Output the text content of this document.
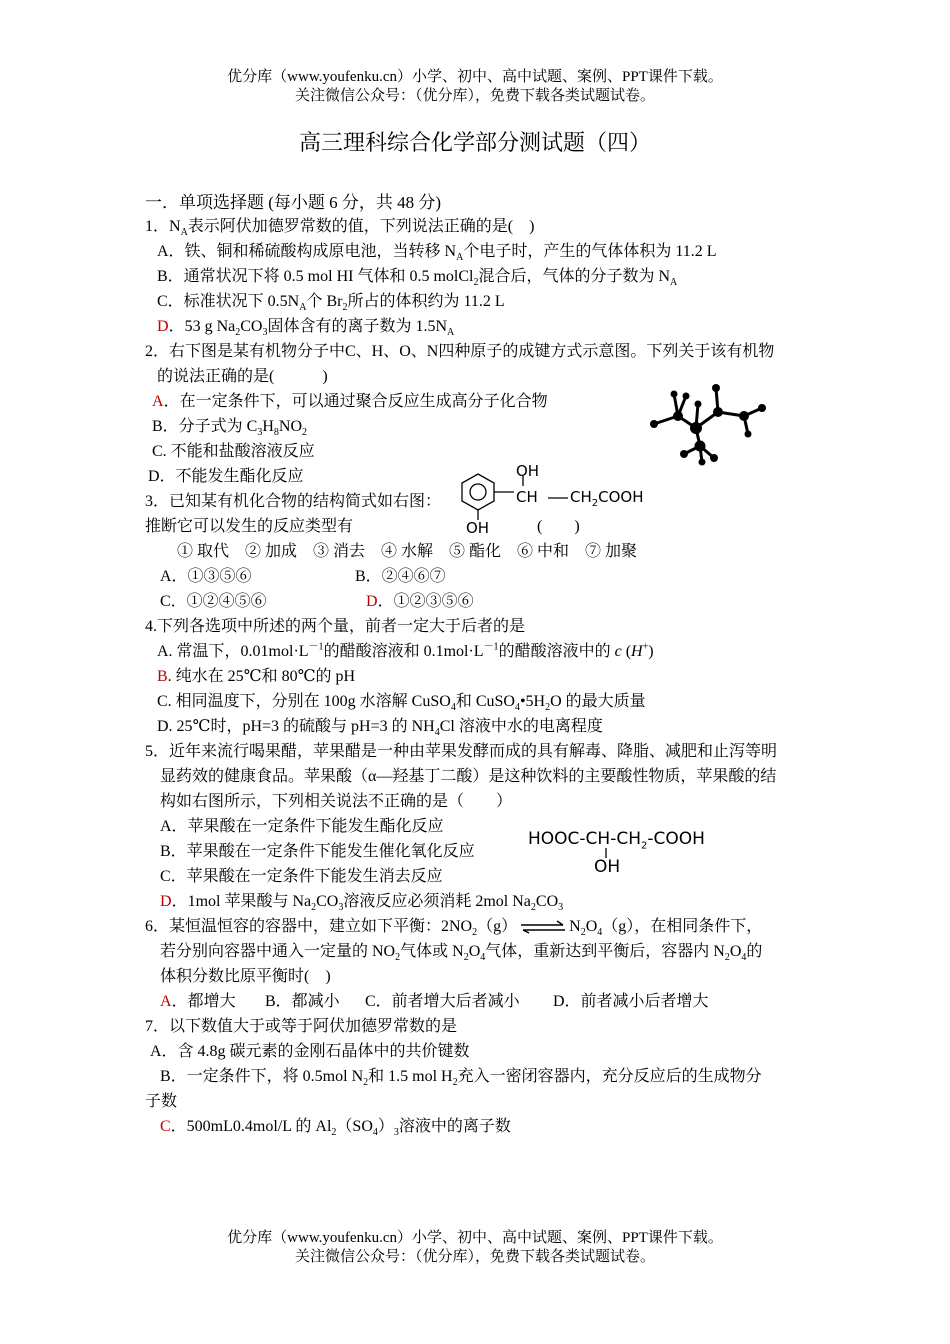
优分库（www.youfenku.cn）小学、初中、高中试题、案例、PPT课件下载。
关注微信公众号：（优分库），免费下载各类试题试卷。
高三理科综合化学部分测试题（四）
一．单项选择题 (每小题 6 分，共 48 分)
1．$N_A$表示阿伏加德罗常数的值，下列说法正确的是(　)
A．铁、铜和稀硫酸构成原电池，当转移 $N_A$个电子时，产生的气体体积为 11.2 L
B．通常状况下将 0.5 mol HI 气体和 0.5 molCl$_2$混合后，气体的分子数为 $N_A$
C．标准状况下 $0.5N_A$个 $Br_2$所占的体积约为 11.2 L
D．53 g $Na_2CO_3$固体含有的离子数为 $1.5N_A$
2．右下图是某有机物分子中C、H、O、N四种原子的成键方式示意图。下列关于该有机物
的说法正确的是(　　　)
A．在一定条件下，可以通过聚合反应生成高分子化合物
B．分子式为 $C_3H_8NO_2$
C. 不能和盐酸溶液反应
D．不能发生酯化反应
3．已知某有机化合物的结构简式如右图：
推断它可以发生的反应类型有	(　　)
OH
CH $CH_2COOH$
OH
① 取代　② 加成　③ 消去　④ 水解　⑤ 酯化　⑥ 中和　⑦ 加聚
A．①③⑤⑥	B．②④⑥⑦
C．①②④⑤⑥	D．①②③⑤⑥
4.下列各选项中所述的两个量，前者一定大于后者的是
A. 常温下，$0.01mol\cdot L^{-1}$的醋酸溶液和 $0.1mol\cdot L^{-1}$的醋酸溶液中的 c (H+)
B. 纯水在 25℃和 80℃的 pH
C. 相同温度下，分别在 100g 水溶解 CuSO$_4$和 $CuSO_4•5H_2O$ 的最大质量
D. 25℃时，pH=3 的硫酸与 pH=3 的 $NH_4Cl$ 溶液中水的电离程度
5．近年来流行喝果醋，苹果醋是一种由苹果发酵而成的具有解毒、降脂、减肥和止泻等明
显药效的健康食品。苹果酸（α—羟基丁二酸）是这种饮料的主要酸性物质，苹果酸的结
构如右图所示，下列相关说法不正确的是（　　）
A．苹果酸在一定条件下能发生酯化反应
B．苹果酸在一定条件下能发生催化氧化反应
C．苹果酸在一定条件下能发生消去反应
D．1mol 苹果酸与 $Na_2CO_3$溶液反应必须消耗 2mol $Na_2CO_3$
HOOC-$CH-CH_2$-COOH
OH
6．某恒温恒容的容器中，建立如下平衡：$2NO_2(g)$ ⇌ $N_2O_4(g)$，在相同条件下，
若分别向容器中通入一定量的 $NO_2$气体或 $N_2O_4$气体，重新达到平衡后，容器内 $N_2O_4$的
体积分数比原平衡时(　)
A．都增大 B．都减小 C．前者增大后者减小 D．前者减小后者增大
7．以下数值大于或等于阿伏加德罗常数的是
A．含 4.8g 碳元素的金刚石晶体中的共价键数
B．一定条件下，将 0.5mol $N_2$和 1.5 mol $H_2$充入一密闭容器内，充分反应后的生成物分
子数
C．500mL0.4mol/L 的 $Al_2(SO_4)_3$溶液中的离子数
优分库（www.youfenku.cn）小学、初中、高中试题、案例、PPT课件下载。
关注微信公众号：（优分库），免费下载各类试题试卷。
